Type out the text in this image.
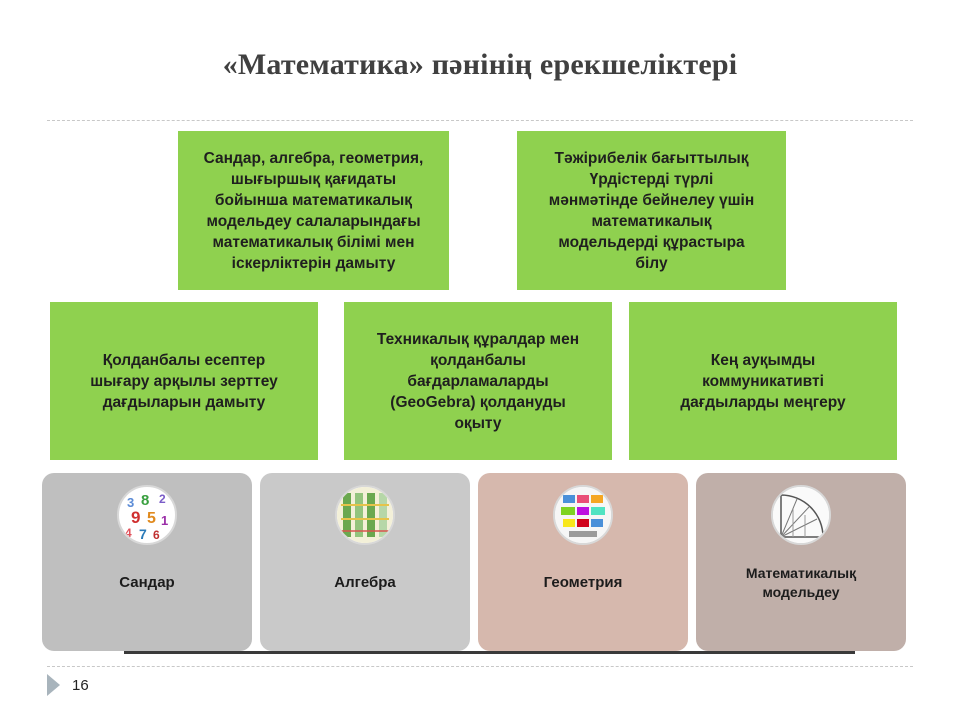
«Математика» пәнінің ерекшеліктері
Сандар, алгебра, геометрия,
шығыршық қағидаты
бойынша математикалық
модельдеу салаларындағы
математикалық білімі мен
іскерліктерін дамыту
Тәжірибелік бағыттылық
Үрдістерді түрлі
мәнмәтінде бейнелеу үшін
математикалық
модельдерді құрастыра
білу
Қолданбалы есептер
шығару арқылы зерттеу
дағдыларын дамыту
Техникалық құралдар мен
қолданбалы
бағдарламаларды
(GeoGebra) қолдануды
оқыту
Кең ауқымды
коммуникативті
дағдыларды меңгеру
3 8 2
9 5 1
4 7 6
Сандар	Алгебра	Геометрия
Математикалық
модельдеу
16
